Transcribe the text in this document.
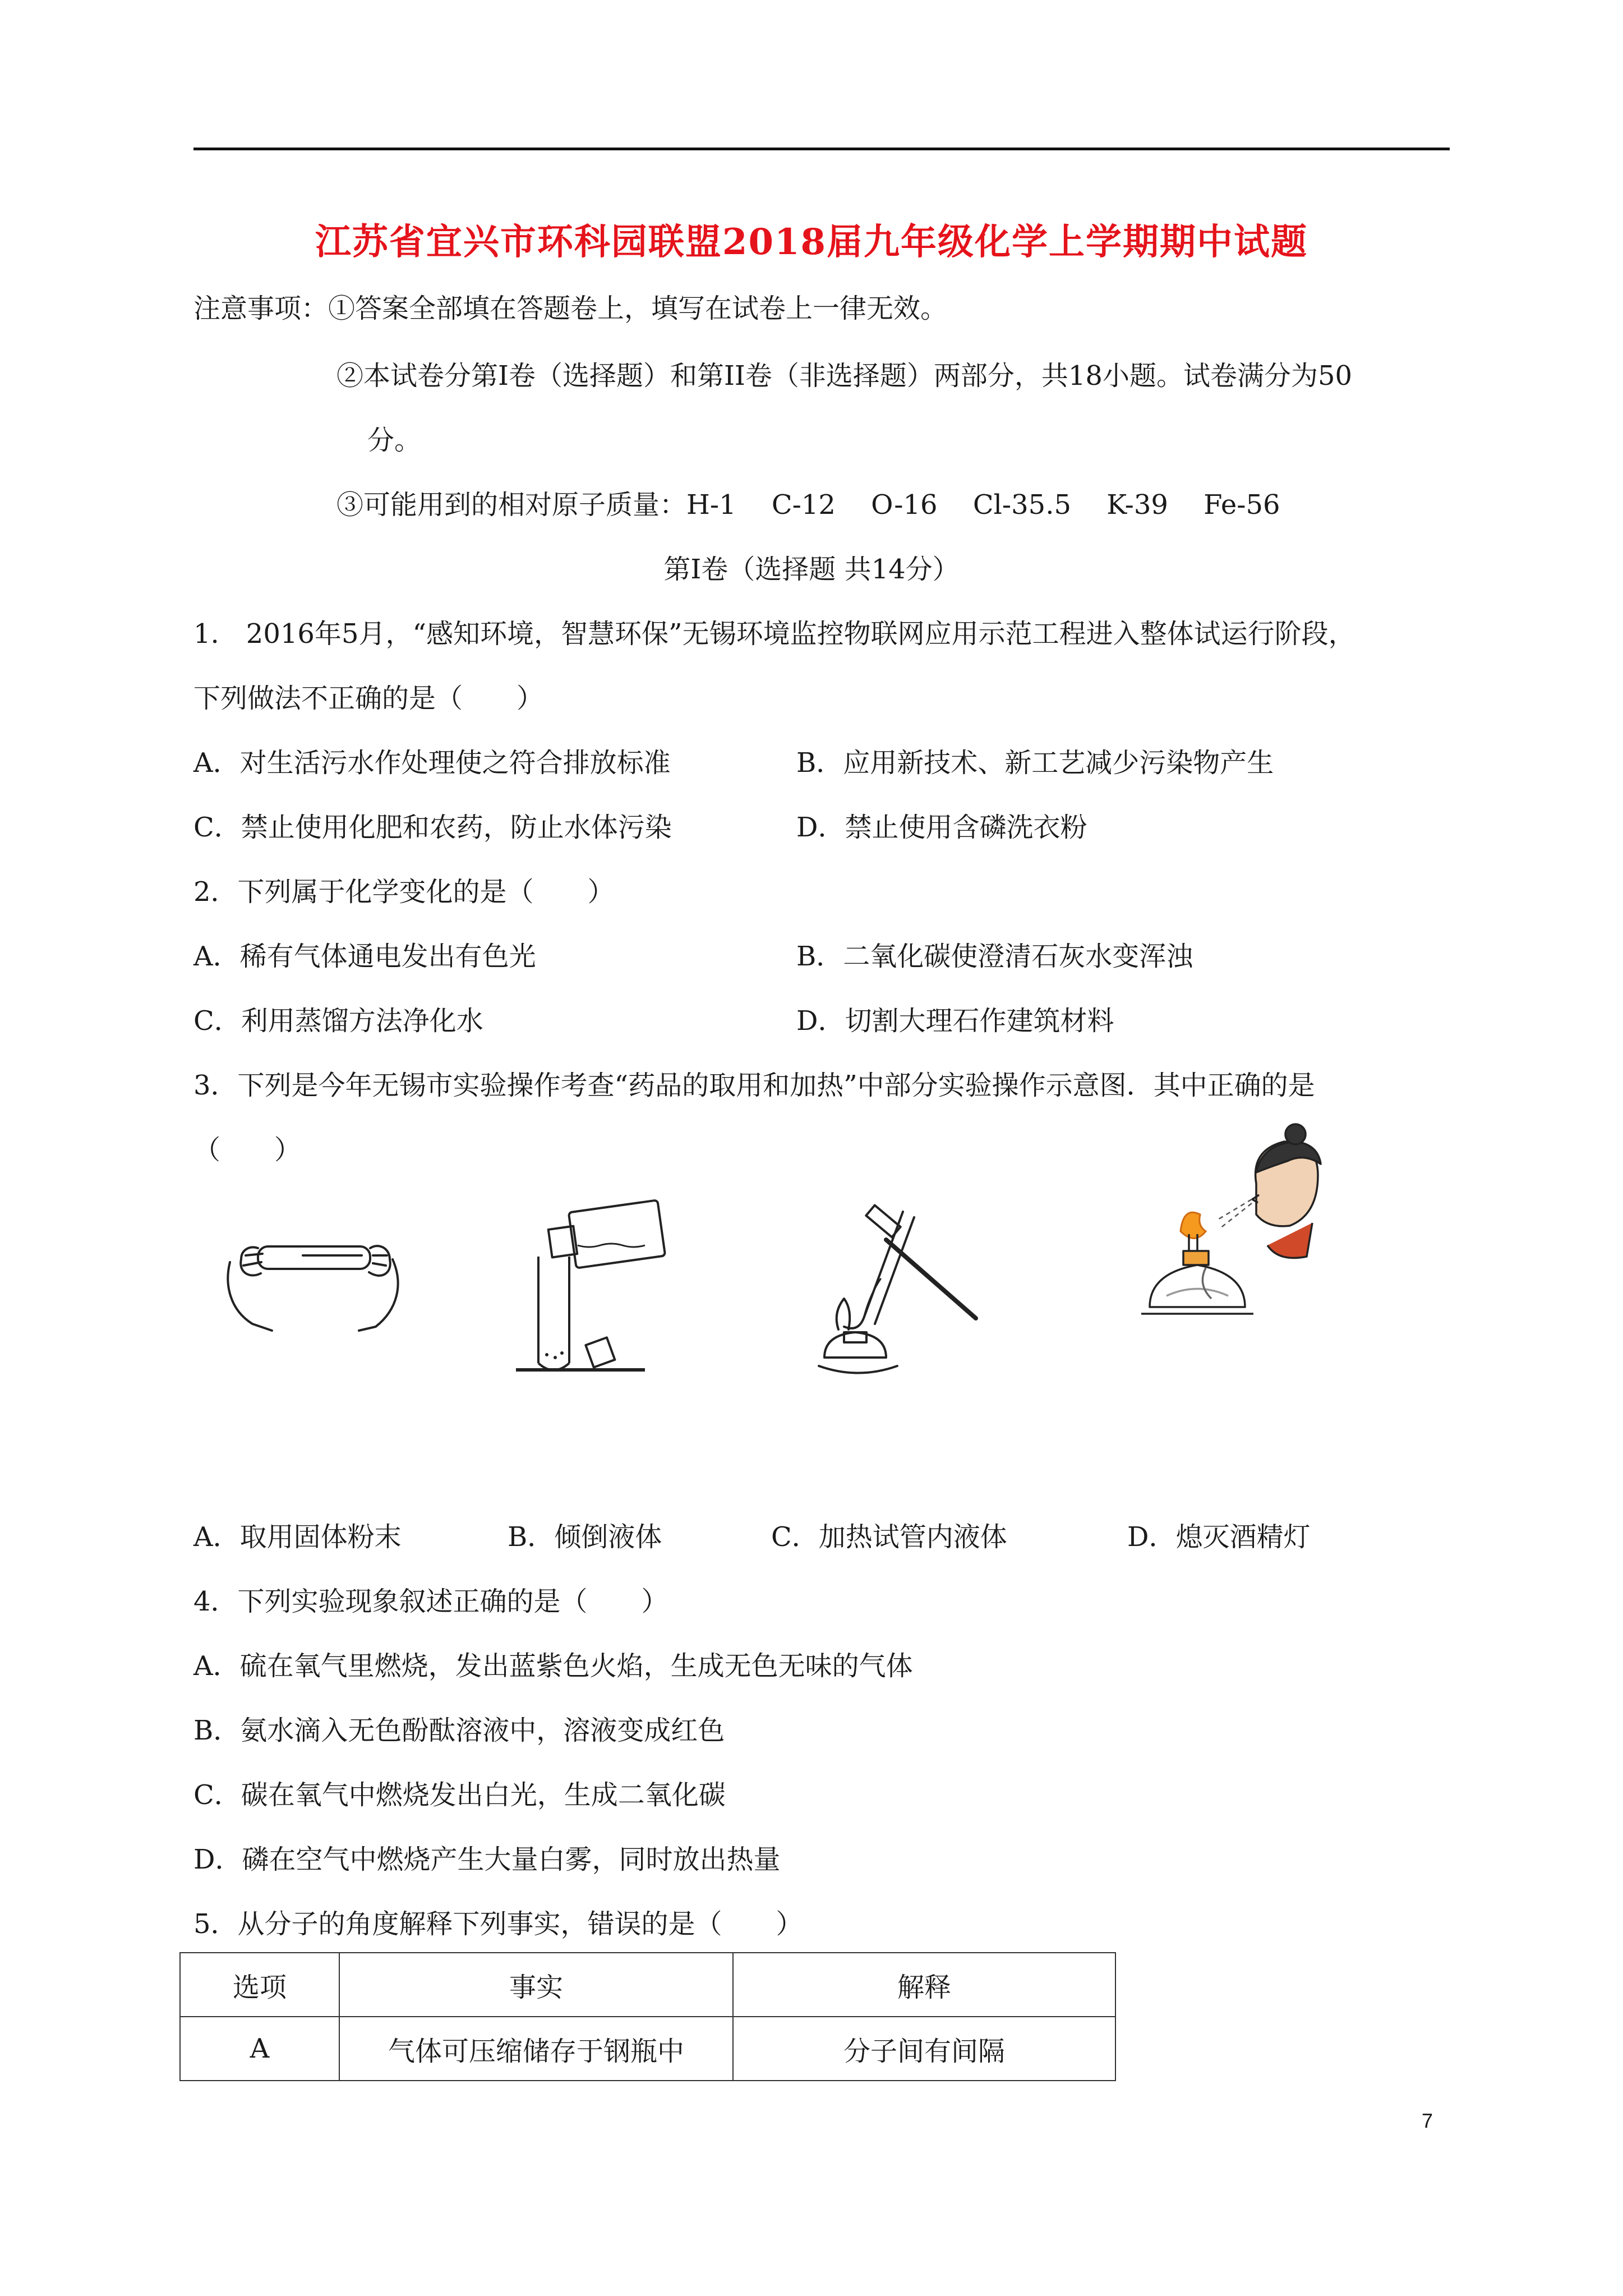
江苏省宜兴市环科园联盟2018届九年级化学上学期期中试题
注意事项：①答案全部填在答题卷上，填写在试卷上一律无效。
②本试卷分第Ⅰ卷（选择题）和第II卷（非选择题）两部分，共18小题。试卷满分为50
分。
③可能用到的相对原子质量：H-1　 C-12　 O-16　 Cl-35.5　 K-39　 Fe-56
第Ⅰ卷（选择题 共14分）
1.　2016年5月，“感知环境，智慧环保”无锡环境监控物联网应用示范工程进入整体试运行阶段，
下列做法不正确的是（　　）
A．对生活污水作处理使之符合排放标准	B．应用新技术、新工艺减少污染物产生
C．禁止使用化肥和农药，防止水体污染	D．禁止使用含磷洗衣粉
2．下列属于化学变化的是（　　）
A．稀有气体通电发出有色光	B．二氧化碳使澄清石灰水变浑浊
C．利用蒸馏方法净化水	D．切割大理石作建筑材料
3．下列是今年无锡市实验操作考查“药品的取用和加热”中部分实验操作示意图．其中正确的是
（　　）
A．取用固体粉末	B．倾倒液体	C．加热试管内液体	D．熄灭酒精灯
4．下列实验现象叙述正确的是（　　）
A．硫在氧气里燃烧，发出蓝紫色火焰，生成无色无味的气体
B．氨水滴入无色酚酞溶液中，溶液变成红色
C．碳在氧气中燃烧发出白光，生成二氧化碳
D．磷在空气中燃烧产生大量白雾，同时放出热量
5．从分子的角度解释下列事实，错误的是（　　）
选项	事实	解释
A	气体可压缩储存于钢瓶中	分子间有间隔
7
